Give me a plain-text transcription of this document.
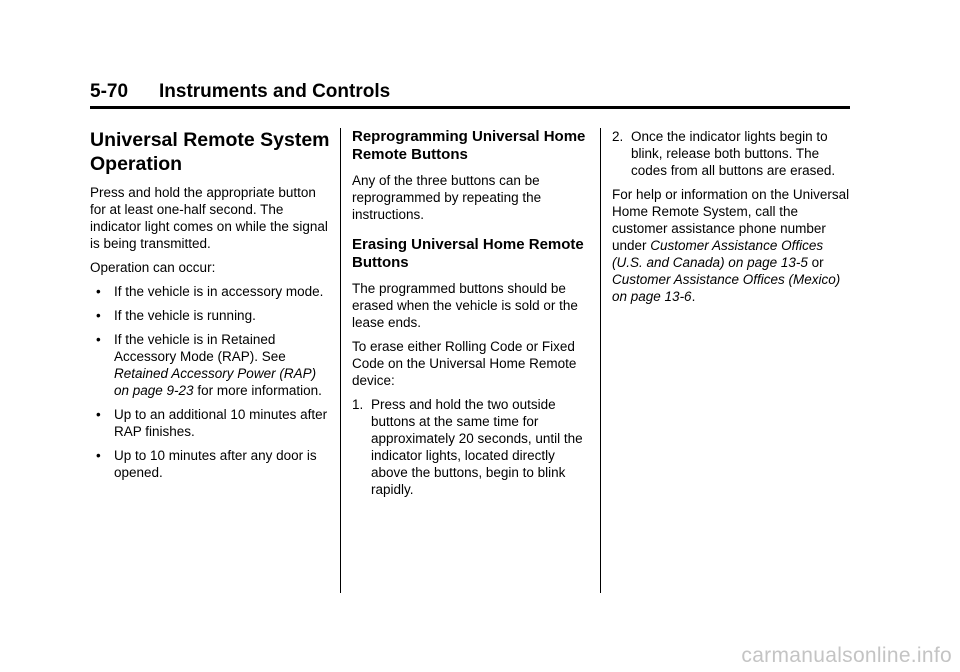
5-70 Instruments and Controls
Universal Remote System Operation

Press and hold the appropriate button for at least one-half second. The indicator light comes on while the signal is being transmitted.

Operation can occur:

• If the vehicle is in accessory mode.
• If the vehicle is running.
• If the vehicle is in Retained Accessory Mode (RAP). See Retained Accessory Power (RAP) on page 9‑23 for more information.
• Up to an additional 10 minutes after RAP finishes.
• Up to 10 minutes after any door is opened.
Reprogramming Universal Home Remote Buttons

Any of the three buttons can be reprogrammed by repeating the instructions.

Erasing Universal Home Remote Buttons

The programmed buttons should be erased when the vehicle is sold or the lease ends.

To erase either Rolling Code or Fixed Code on the Universal Home Remote device:

1. Press and hold the two outside buttons at the same time for approximately 20 seconds, until the indicator lights, located directly above the buttons, begin to blink rapidly.
2. Once the indicator lights begin to blink, release both buttons. The codes from all buttons are erased.

For help or information on the Universal Home Remote System, call the customer assistance phone number under Customer Assistance Offices (U.S. and Canada) on page 13‑5 or Customer Assistance Offices (Mexico) on page 13‑6.

carmanualsonline.info
